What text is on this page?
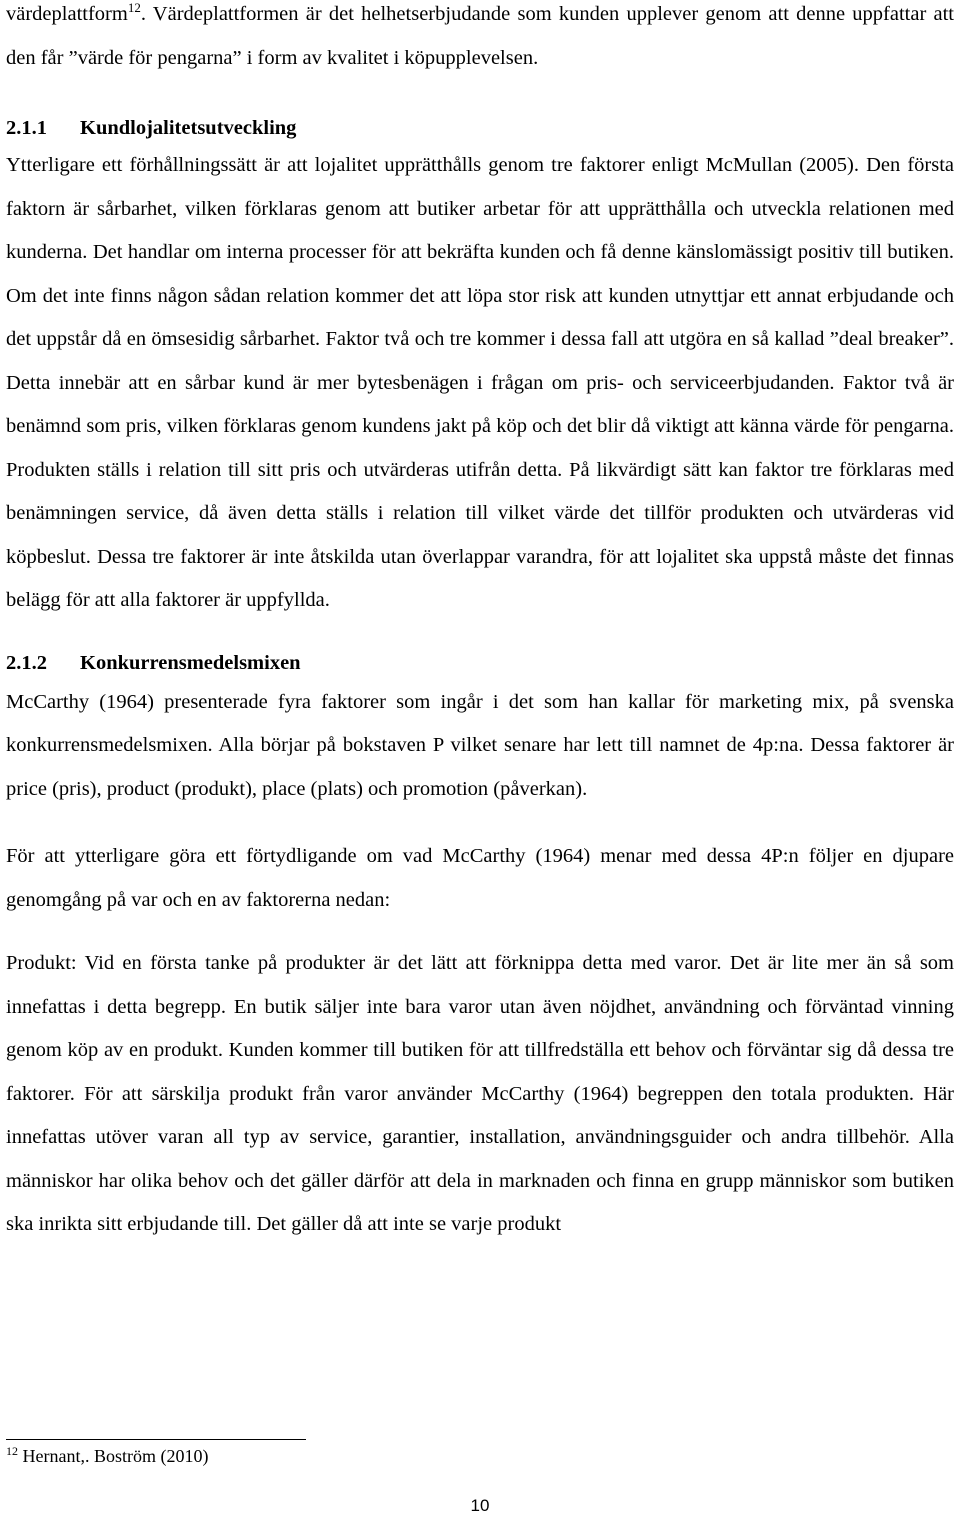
värdeplattform$^{12}$. Värdeplattformen är det helhetserbjudande som kunden upplever genom att denne uppfattar att den får ”värde för pengarna” i form av kvalitet i köpupplevelsen.

2.1.1 Kundlojalitetsutveckling

Ytterligare ett förhållningssätt är att lojalitet upprätthålls genom tre faktorer enligt McMullan (2005). Den första faktorn är sårbarhet, vilken förklaras genom att butiker arbetar för att upprätthålla och utveckla relationen med kunderna. Det handlar om interna processer för att bekräfta kunden och få denne känslomässigt positiv till butiken. Om det inte finns någon sådan relation kommer det att löpa stor risk att kunden utnyttjar ett annat erbjudande och det uppstår då en ömsesidig sårbarhet. Faktor två och tre kommer i dessa fall att utgöra en så kallad ”deal breaker”. Detta innebär att en sårbar kund är mer bytesbenägen i frågan om pris- och serviceerbjudanden. Faktor två är benämnd som pris, vilken förklaras genom kundens jakt på köp och det blir då viktigt att känna värde för pengarna. Produkten ställs i relation till sitt pris och utvärderas utifrån detta. På likvärdigt sätt kan faktor tre förklaras med benämningen service, då även detta ställs i relation till vilket värde det tillför produkten och utvärderas vid köpbeslut. Dessa tre faktorer är inte åtskilda utan överlappar varandra, för att lojalitet ska uppstå måste det finnas belägg för att alla faktorer är uppfyllda.

2.1.2 Konkurrensmedelsmixen

McCarthy (1964) presenterade fyra faktorer som ingår i det som han kallar för marketing mix, på svenska konkurrensmedelsmixen. Alla börjar på bokstaven P vilket senare har lett till namnet de 4p:na. Dessa faktorer är price (pris), product (produkt), place (plats) och promotion (påverkan).

För att ytterligare göra ett förtydligande om vad McCarthy (1964) menar med dessa 4P:n följer en djupare genomgång på var och en av faktorerna nedan:

Produkt: Vid en första tanke på produkter är det lätt att förknippa detta med varor. Det är lite mer än så som innefattas i detta begrepp. En butik säljer inte bara varor utan även nöjdhet, användning och förväntad vinning genom köp av en produkt. Kunden kommer till butiken för att tillfredställa ett behov och förväntar sig då dessa tre faktorer. För att särskilja produkt från varor använder McCarthy (1964) begreppen den totala produkten. Här innefattas utöver varan all typ av service, garantier, installation, användningsguider och andra tillbehör. Alla människor har olika behov och det gäller därför att dela in marknaden och finna en grupp människor som butiken ska inrikta sitt erbjudande till. Det gäller då att inte se varje produkt

$^{12}$ Hernant,. Boström (2010)

10
